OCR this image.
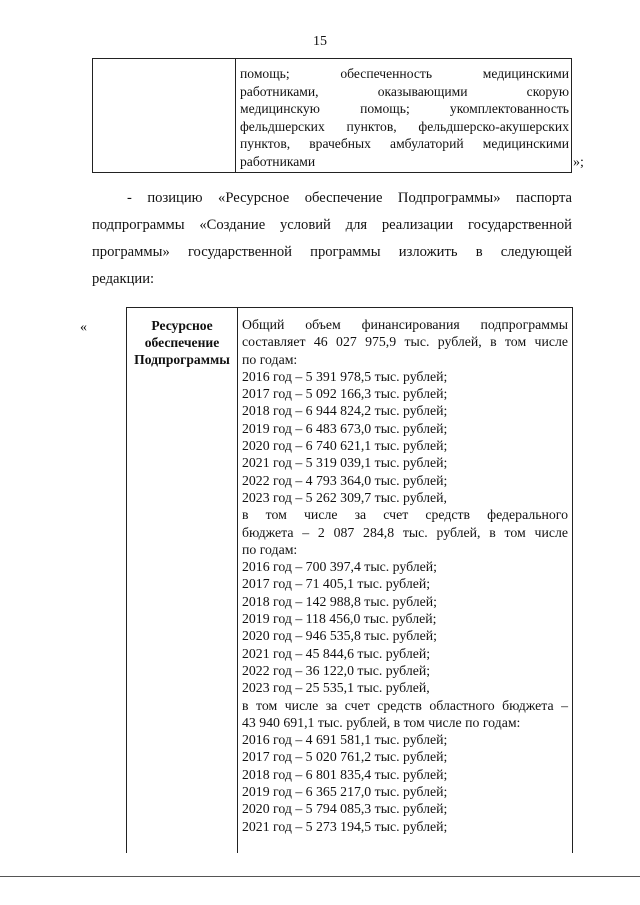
15

помощь; обеспеченность медицинскими
работниками, оказывающими скорую
медицинскую помощь; укомплектованность
фельдшерских пунктов, фельдшерско-акушерских
пунктов, врачебных амбулаторий медицинскими
работниками	»;
- позицию «Ресурсное обеспечение Подпрограммы» паспорта
подпрограммы «Создание условий для реализации государственной
программы» государственной программы изложить в следующей
редакции:
«	Ресурсное
обеспечение
Подпрограммы
Общий объем финансирования подпрограммы
составляет 46 027 975,9 тыс. рублей, в том числе
по годам:
2016 год – 5 391 978,5 тыс. рублей;
2017 год – 5 092 166,3 тыс. рублей;
2018 год – 6 944 824,2 тыс. рублей;
2019 год – 6 483 673,0 тыс. рублей;
2020 год – 6 740 621,1 тыс. рублей;
2021 год – 5 319 039,1 тыс. рублей;
2022 год – 4 793 364,0 тыс. рублей;
2023 год – 5 262 309,7 тыс. рублей,
в том числе за счет средств федерального
бюджета – 2 087 284,8 тыс. рублей, в том числе
по годам:
2016 год – 700 397,4 тыс. рублей;
2017 год – 71 405,1 тыс. рублей;
2018 год – 142 988,8 тыс. рублей;
2019 год – 118 456,0 тыс. рублей;
2020 год – 946 535,8 тыс. рублей;
2021 год – 45 844,6 тыс. рублей;
2022 год – 36 122,0 тыс. рублей;
2023 год – 25 535,1 тыс. рублей,
в том числе за счет средств областного бюджета –
43 940 691,1 тыс. рублей, в том числе по годам:
2016 год – 4 691 581,1 тыс. рублей;
2017 год – 5 020 761,2 тыс. рублей;
2018 год – 6 801 835,4 тыс. рублей;
2019 год – 6 365 217,0 тыс. рублей;
2020 год – 5 794 085,3 тыс. рублей;
2021 год – 5 273 194,5 тыс. рублей;
